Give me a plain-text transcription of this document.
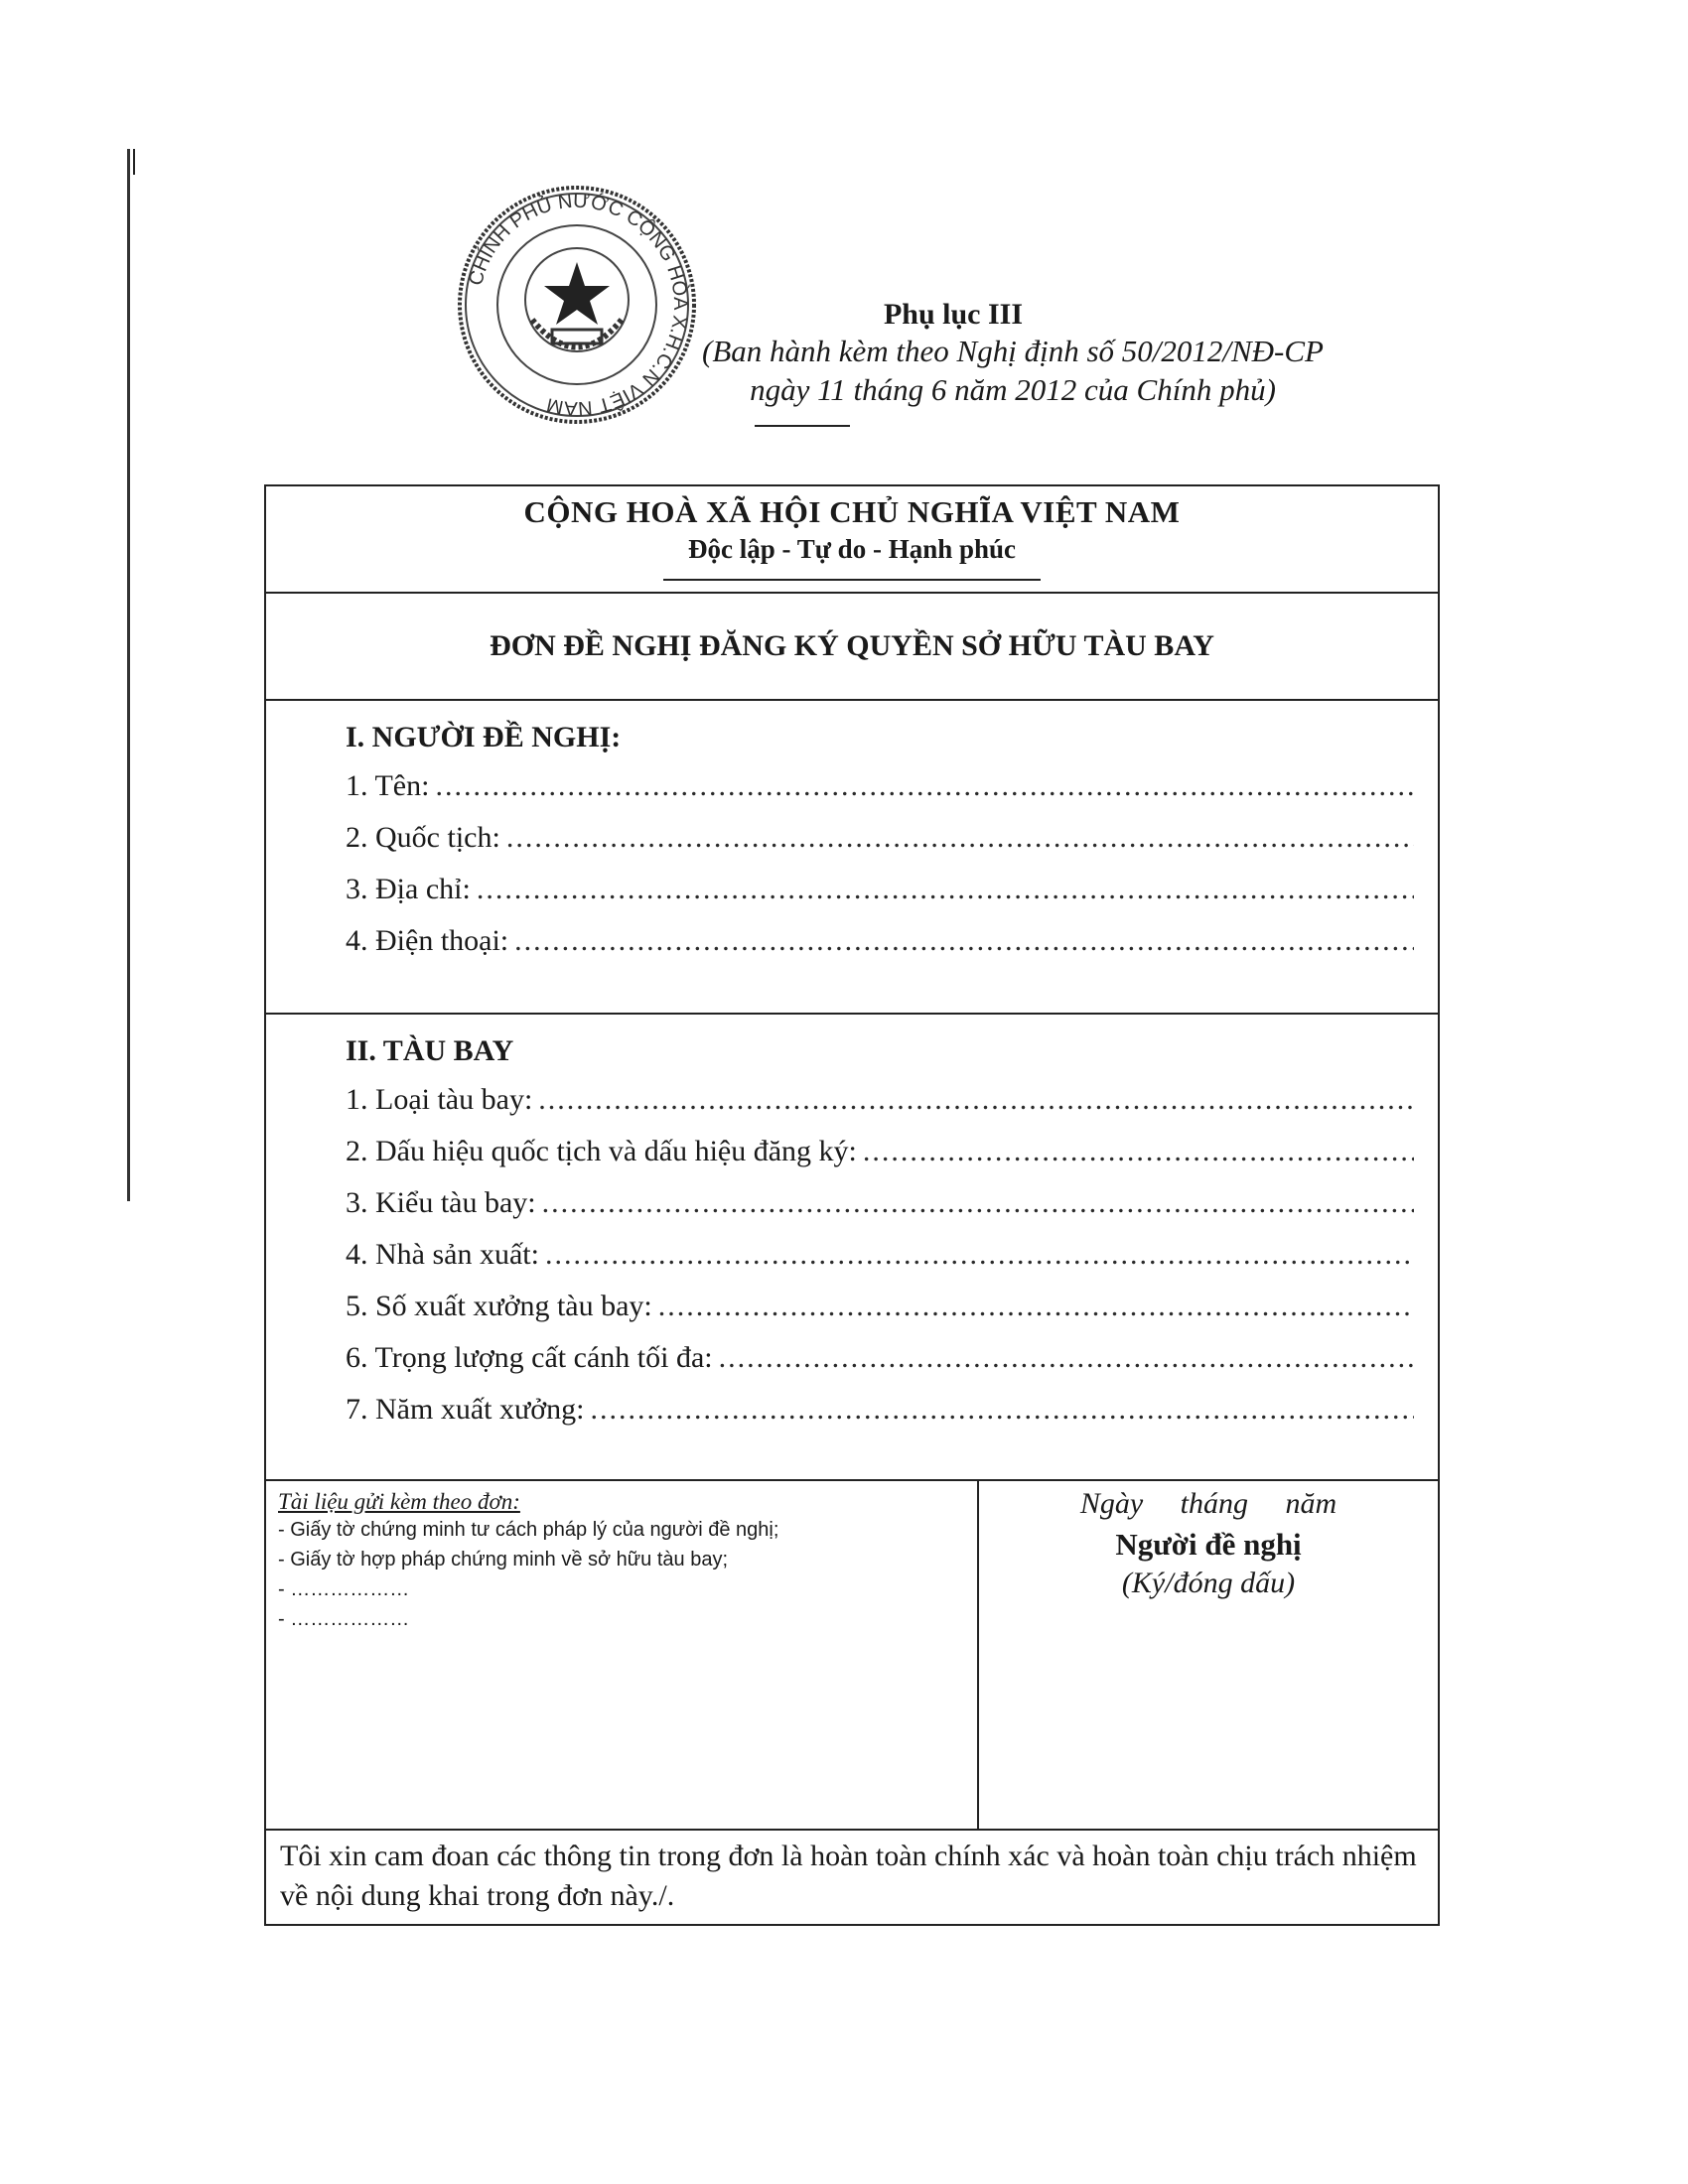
CHÍNH PHỦ NƯỚC CỘNG HÒA X.H.C.N VIỆT NAM
Phụ lục III
(Ban hành kèm theo Nghị định số 50/2012/NĐ-CP
ngày 11 tháng 6 năm 2012 của Chính phủ)
CỘNG HOÀ XÃ HỘI CHỦ NGHĨA VIỆT NAM
Độc lập - Tự do - Hạnh phúc
ĐƠN ĐỀ NGHỊ ĐĂNG KÝ QUYỀN SỞ HỮU TÀU BAY
I. NGƯỜI ĐỀ NGHỊ:
1. Tên:
.....
2. Quốc tịch:
.....
3. Địa chỉ:
.....
4. Điện thoại:
.....
II. TÀU BAY
1. Loại tàu bay:
.....
2. Dấu hiệu quốc tịch và dấu hiệu đăng ký:
.....
3. Kiểu tàu bay:
.....
4. Nhà sản xuất:
.....
5. Số xuất xưởng tàu bay:
.....
6. Trọng lượng cất cánh tối đa:
.....
7. Năm xuất xưởng:
.....
Tài liệu gửi kèm theo đơn:
- Giấy tờ chứng minh tư cách pháp lý của người đề nghị;
- Giấy tờ hợp pháp chứng minh về sở hữu tàu bay;
- ………………
- ………………
Ngày tháng năm
Người đề nghị
(Ký/đóng dấu)
Tôi xin cam đoan các thông tin trong đơn là hoàn toàn chính xác và hoàn toàn chịu trách nhiệm về nội dung khai trong đơn này./.
